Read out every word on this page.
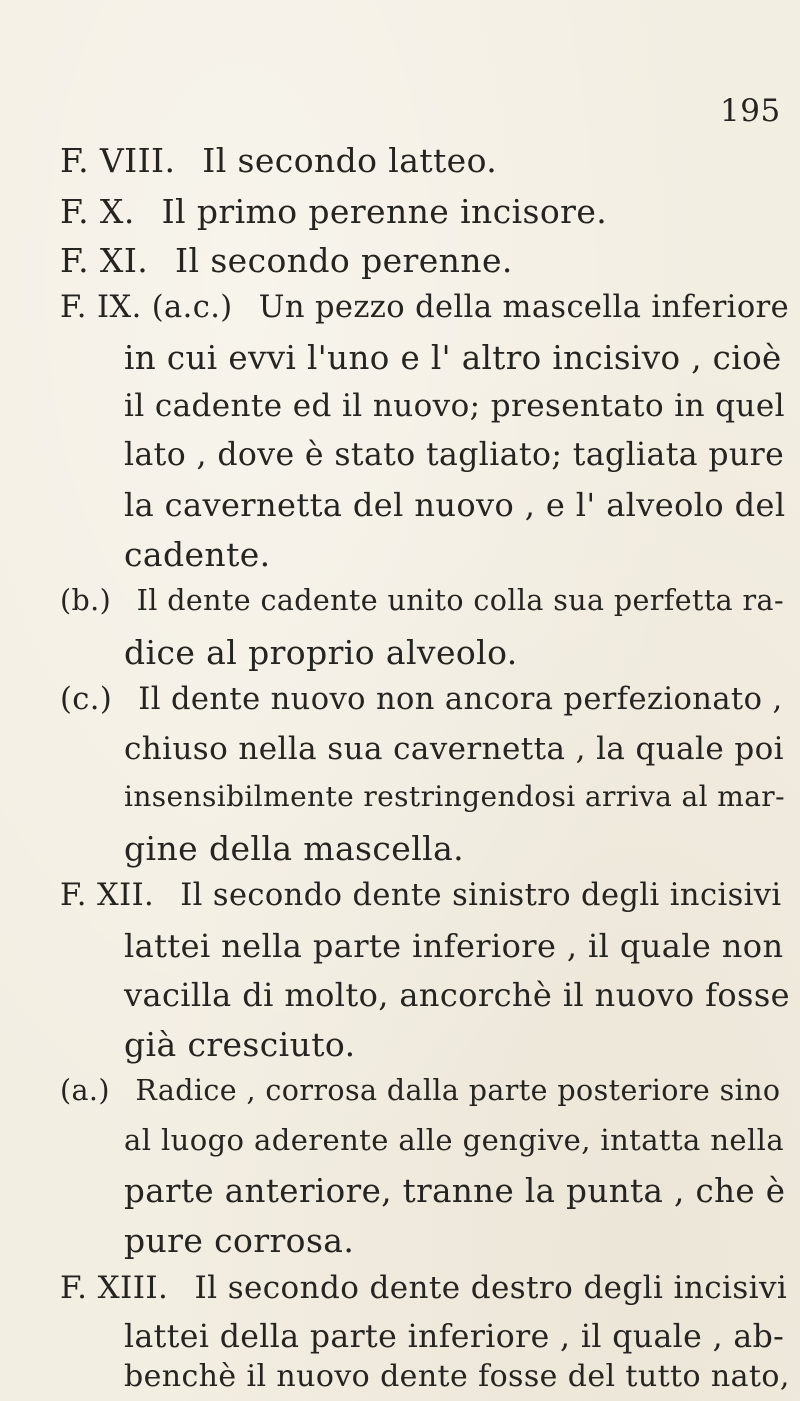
195
F. VIII. Il secondo latteo.
F. X. Il primo perenne incisore.
F. XI. Il secondo perenne.
F. IX. (a.c.) Un pezzo della mascella inferiore
in cui evvi l'uno e l' altro incisivo , cioè
il cadente ed il nuovo; presentato in quel
lato , dove è stato tagliato; tagliata pure
la cavernetta del nuovo , e l' alveolo del
cadente.
(b.) Il dente cadente unito colla sua perfetta ra-
dice al proprio alveolo.
(c.) Il dente nuovo non ancora perfezionato ,
chiuso nella sua cavernetta , la quale poi
insensibilmente restringendosi arriva al mar-
gine della mascella.
F. XII. Il secondo dente sinistro degli incisivi
lattei nella parte inferiore , il quale non
vacilla di molto, ancorchè il nuovo fosse
già cresciuto.
(a.) Radice , corrosa dalla parte posteriore sino
al luogo aderente alle gengive, intatta nella
parte anteriore, tranne la punta , che è
pure corrosa.
F. XIII. Il secondo dente destro degli incisivi
lattei della parte inferiore , il quale , ab-
benchè il nuovo dente fosse del tutto nato,
